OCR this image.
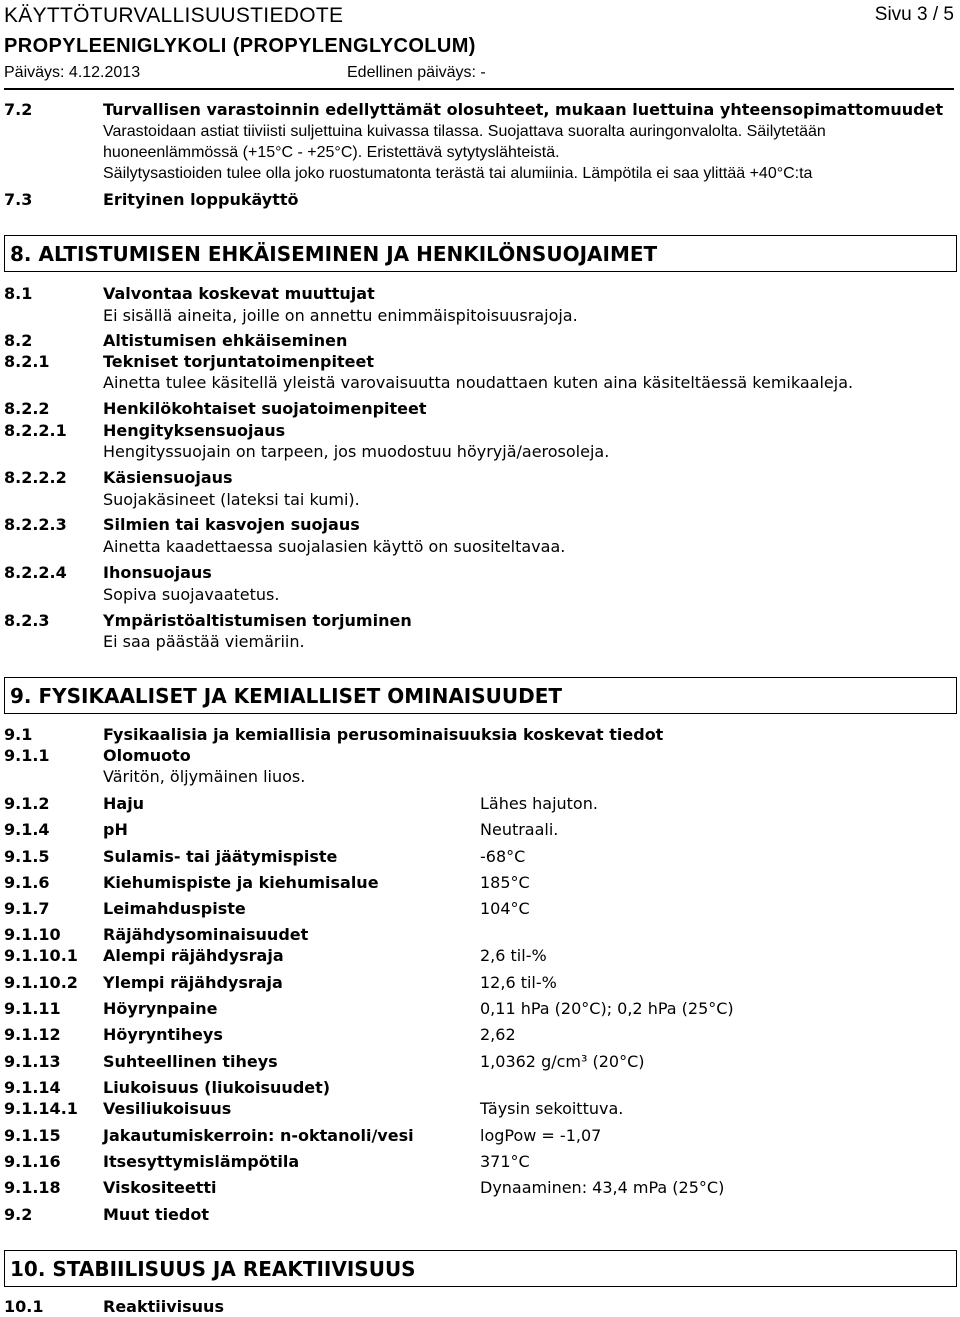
KÄYTTÖTURVALLISUUSTIEDOTE	Sivu 3 / 5
PROPYLEENIGLYKOLI (PROPYLENGLYCOLUM)
Päiväys: 4.12.2013	Edellinen päiväys: -
7.2	Turvallisen varastoinnin edellyttämät olosuhteet, mukaan luettuina yhteensopimattomuudet
Varastoidaan astiat tiiviisti suljettuina kuivassa tilassa. Suojattava suoralta auringonvalolta. Säilytetään huoneenlämmössä (+15°C - +25°C). Eristettävä sytytyslähteistä.
Säilytysastioiden tulee olla joko ruostumatonta terästä tai alumiinia. Lämpötila ei saa ylittää +40°C:ta
7.3	Erityinen loppukäyttö
8. ALTISTUMISEN EHKÄISEMINEN JA HENKILÖNSUOJAIMET
8.1	Valvontaa koskevat muuttujat
Ei sisällä aineita, joille on annettu enimmäispitoisuusrajoja.
8.2	Altistumisen ehkäiseminen
8.2.1	Tekniset torjuntatoimenpiteet
Ainetta tulee käsitellä yleistä varovaisuutta noudattaen kuten aina käsiteltäessä kemikaaleja.
8.2.2	Henkilökohtaiset suojatoimenpiteet
8.2.2.1 Hengityksensuojaus
Hengityssuojain on tarpeen, jos muodostuu höyryjä/aerosoleja.
8.2.2.2 Käsiensuojaus
Suojakäsineet (lateksi tai kumi).
8.2.2.3 Silmien tai kasvojen suojaus
Ainetta kaadettaessa suojalasien käyttö on suositeltavaa.
8.2.2.4 Ihonsuojaus
Sopiva suojavaatetus.
8.2.3	Ympäristöaltistumisen torjuminen
Ei saa päästää viemäriin.
9. FYSIKAALISET JA KEMIALLISET OMINAISUUDET
9.1	Fysikaalisia ja kemiallisia perusominaisuuksia koskevat tiedot
9.1.1	Olomuoto
Väritön, öljymäinen liuos.
9.1.2	Haju	Lähes hajuton.
9.1.4	pH	Neutraali.
9.1.5	Sulamis- tai jäätymispiste	-68°C
9.1.6	Kiehumispiste ja kiehumisalue	185°C
9.1.7	Leimahduspiste	104°C
9.1.10	Räjähdysominaisuudet
9.1.10.1 Alempi räjähdysraja	2,6 til-%
9.1.10.2 Ylempi räjähdysraja	12,6 til-%
9.1.11	Höyrynpaine	0,11 hPa (20°C); 0,2 hPa (25°C)
9.1.12	Höyryntiheys	2,62
9.1.13	Suhteellinen tiheys	1,0362 g/cm³ (20°C)
9.1.14	Liukoisuus (liukoisuudet)
9.1.14.1 Vesiliukoisuus	Täysin sekoittuva.
9.1.15	Jakautumiskerroin: n-oktanoli/vesi	logPow = -1,07
9.1.16	Itsesyttymislämpötila	371°C
9.1.18	Viskositeetti	Dynaaminen: 43,4 mPa (25°C)
9.2	Muut tiedot
10. STABIILISUUS JA REAKTIIVISUUS
10.1	Reaktiivisuus
